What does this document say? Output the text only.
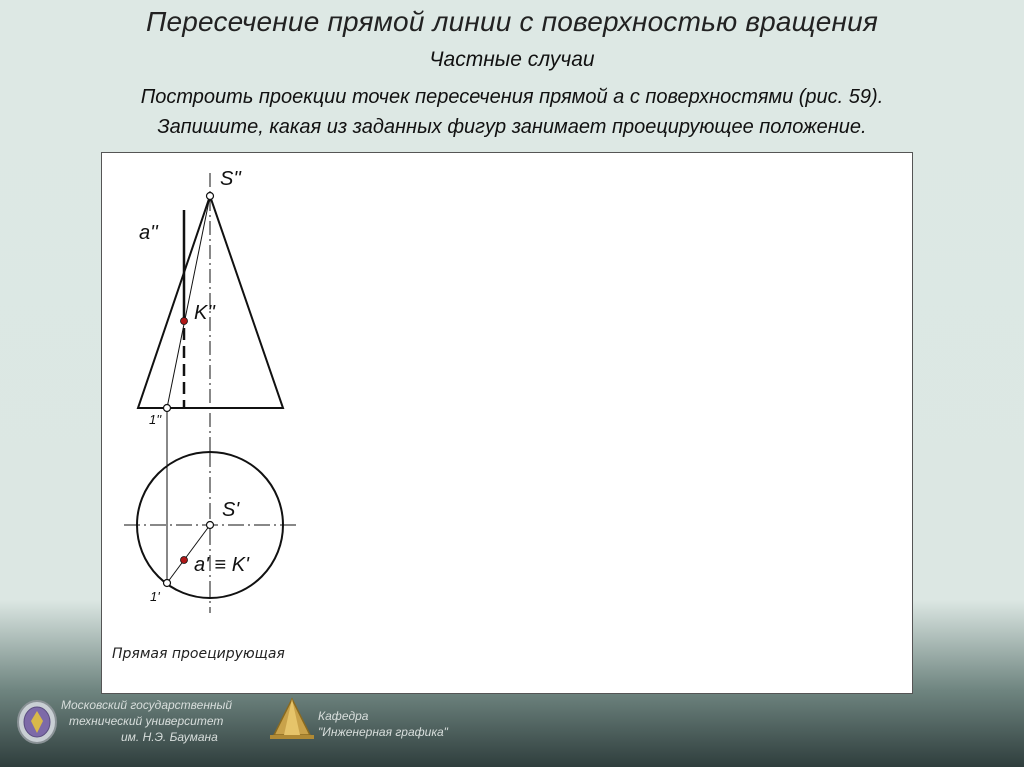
Пересечение прямой линии с поверхностью вращения
Частные случаи
Построить проекции точек пересечения прямой а с поверхностями (рис. 59).
Запишите, какая из заданных фигур занимает проецирующее положение.
S''
a''
K''
1''
S'
a' ≡ K'
1'
Прямая проецирующая
Московский государственный
технический университет
им. Н.Э. Баумана
Кафедра
"Инженерная графика"
